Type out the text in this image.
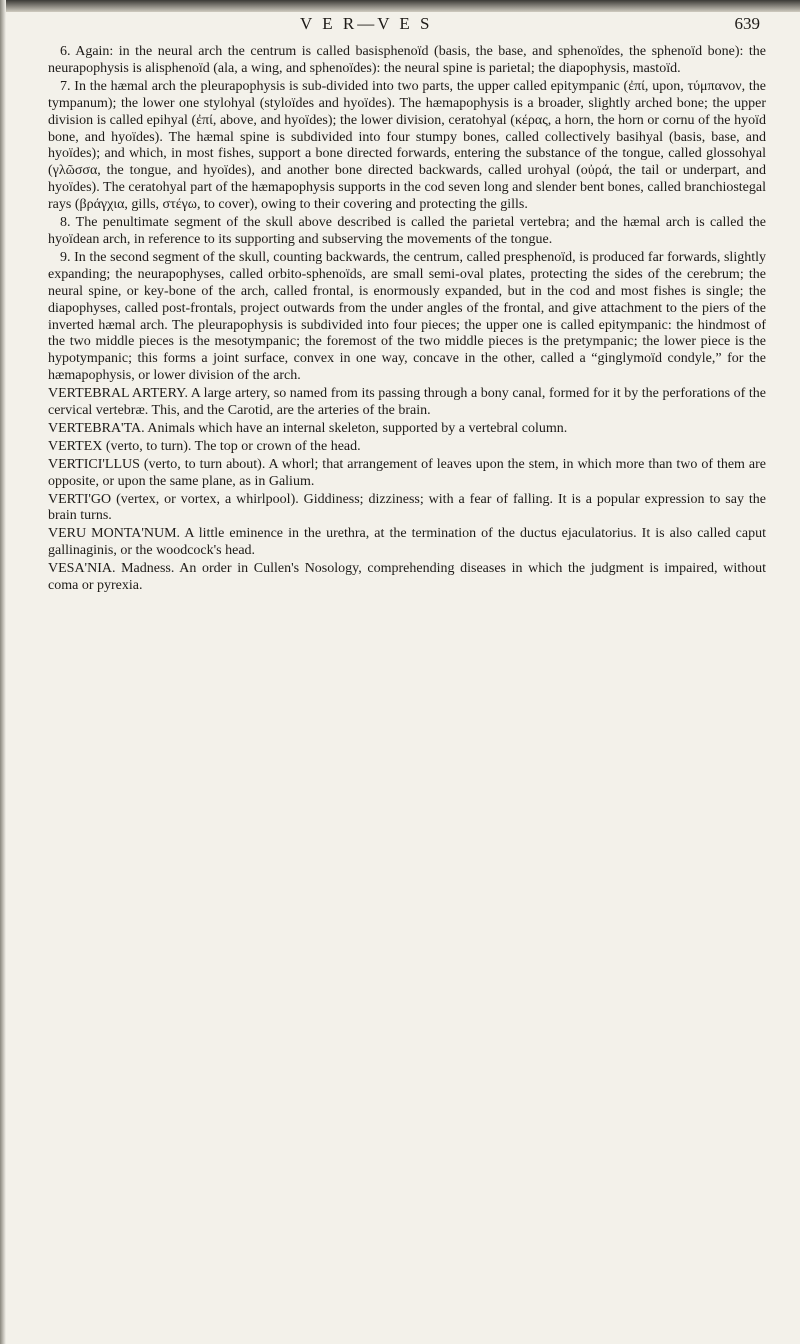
V E R—V E S	639

6. Again: in the neural arch the centrum is called basisphenoïd (basis, the base, and sphenoïdes, the sphenoïd bone): the neurapophysis is alisphenoïd (ala, a wing, and sphenoïdes): the neural spine is parietal; the diapophysis, mastoïd.

7. In the hæmal arch the pleurapophysis is sub-divided into two parts, the upper called epitympanic (ἐπί, upon, τύμπανον, the tympanum); the lower one stylohyal (styloïdes and hyoïdes). The hæmapophysis is a broader, slightly arched bone; the upper division is called epihyal (ἐπί, above, and hyoïdes); the lower division, ceratohyal (κέρας, a horn, the horn or cornu of the hyoïd bone, and hyoïdes). The hæmal spine is subdivided into four stumpy bones, called collectively basihyal (basis, base, and hyoïdes); and which, in most fishes, support a bone directed forwards, entering the substance of the tongue, called glossohyal (γλῶσσα, the tongue, and hyoïdes), and another bone directed backwards, called urohyal (οὐρά, the tail or underpart, and hyoïdes). The ceratohyal part of the hæmapophysis supports in the cod seven long and slender bent bones, called branchiostegal rays (βράγχια, gills, στέγω, to cover), owing to their covering and protecting the gills.

8. The penultimate segment of the skull above described is called the parietal vertebra; and the hæmal arch is called the hyoïdean arch, in reference to its supporting and subserving the movements of the tongue.

9. In the second segment of the skull, counting backwards, the centrum, called presphenoïd, is produced far forwards, slightly expanding; the neurapophyses, called orbito-sphenoïds, are small semi-oval plates, protecting the sides of the cerebrum; the neural spine, or key-bone of the arch, called frontal, is enormously expanded, but in the cod and most fishes is single; the diapophyses, called post-frontals, project outwards from the under angles of the frontal, and give attachment to the piers of the inverted hæmal arch. The pleurapophysis is subdivided into four pieces; the upper one is called epitympanic: the hindmost of the two middle pieces is the mesotympanic; the foremost of the two middle pieces is the pretympanic; the lower piece is the hypotympanic; this forms a joint surface, convex in one way, concave in the other, called a “ginglymoïd condyle,” for the hæmapophysis, or lower division of the arch.

VERTEBRAL ARTERY. A large artery, so named from its passing through a bony canal, formed for it by the perforations of the cervical vertebræ. This, and the Carotid, are the arteries of the brain.

VERTEBRA'TA. Animals which have an internal skeleton, supported by a vertebral column.

VERTEX (verto, to turn). The top or crown of the head.

VERTICI'LLUS (verto, to turn about). A whorl; that arrangement of leaves upon the stem, in which more than two of them are opposite, or upon the same plane, as in Galium.

VERTI'GO (vertex, or vortex, a whirlpool). Giddiness; dizziness; with a fear of falling. It is a popular expression to say the brain turns.

VERU MONTA'NUM. A little eminence in the urethra, at the termination of the ductus ejaculatorius. It is also called caput gallinaginis, or the woodcock's head.

VESA'NIA. Madness. An order in Cullen's Nosology, comprehending diseases in which the judgment is impaired, without coma or pyrexia.
